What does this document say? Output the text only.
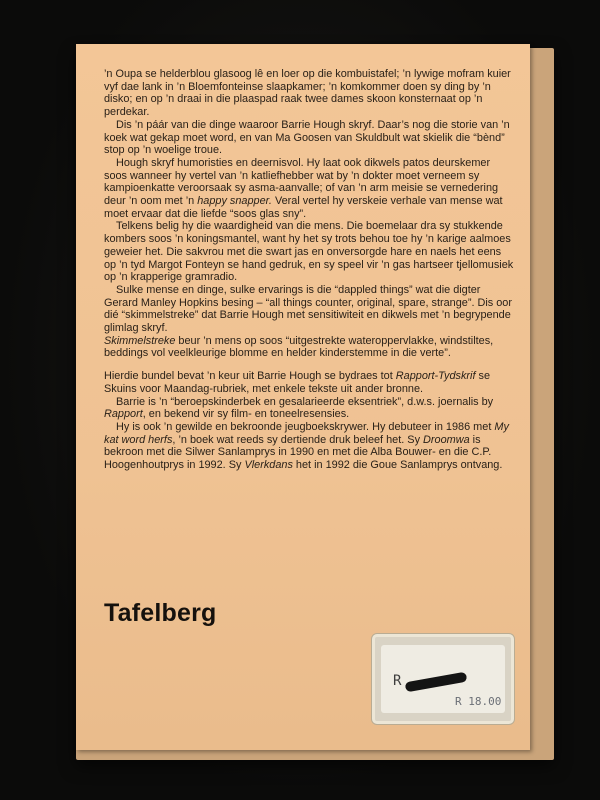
’n Oupa se helderblou glasoog lê en loer op die kombuistafel; ’n lywige mofram kuier vyf dae lank in ’n Bloemfonteinse slaapkamer; ’n komkommer doen sy ding by ’n disko; en op ’n draai in die plaaspad raak twee dames skoon konsternaat op ’n perdekar.

Dis ’n páár van die dinge waaroor Barrie Hough skryf. Daar’s nog die storie van ’n koek wat gekap moet word, en van Ma Goosen van Skuldbult wat skielik die “bènd” stop op ’n woelige troue.

Hough skryf humoristies en deernisvol. Hy laat ook dikwels patos deurskemer soos wanneer hy vertel van ’n katliefhebber wat by ’n dokter moet verneem sy kampioenkatte veroorsaak sy asma-aanvalle; of van ’n arm meisie se vernedering deur ’n oom met ’n happy snapper. Veral vertel hy verskeie verhale van mense wat moet ervaar dat die liefde “soos glas sny”.

Telkens belig hy die waardigheid van die mens. Die boemelaar dra sy stukkende kombers soos ’n koningsmantel, want hy het sy trots behou toe hy ’n karige aalmoes geweier het. Die sakvrou met die swart jas en onversorgde hare en naels het eens op ’n tyd Margot Fonteyn se hand gedruk, en sy speel vir ’n gas hartseer tjellomusiek op ’n krapperige gramradio.

Sulke mense en dinge, sulke ervarings is die “dappled things” wat die digter Gerard Manley Hopkins besing – “all things counter, original, spare, strange”. Dis oor dié “skimmelstreke” dat Barrie Hough met sensitiwiteit en dikwels met ’n begrypende glimlag skryf.

Skimmelstreke beur ’n mens op soos “uitgestrekte wateroppervlakke, windstiltes, beddings vol veelkleurige blomme en helder kinderstemme in die verte”.

Hierdie bundel bevat ’n keur uit Barrie Hough se bydraes tot Rapport-Tydskrif se Skuins voor Maandag-rubriek, met enkele tekste uit ander bronne.

Barrie is ’n “beroepskinderbek en gesalarieerde eksentriek”, d.w.s. joernalis by Rapport, en bekend vir sy film- en toneelresensies.

Hy is ook ’n gewilde en bekroonde jeugboekskrywer. Hy debuteer in 1986 met My kat word herfs, ’n boek wat reeds sy dertiende druk beleef het. Sy Droomwa is bekroon met die Silwer Sanlamprys in 1990 en met die Alba Bouwer- en die C.P. Hoogenhoutprys in 1992. Sy Vlerkdans het in 1992 die Goue Sanlamprys ontvang.

Tafelberg
R
R 18.00
